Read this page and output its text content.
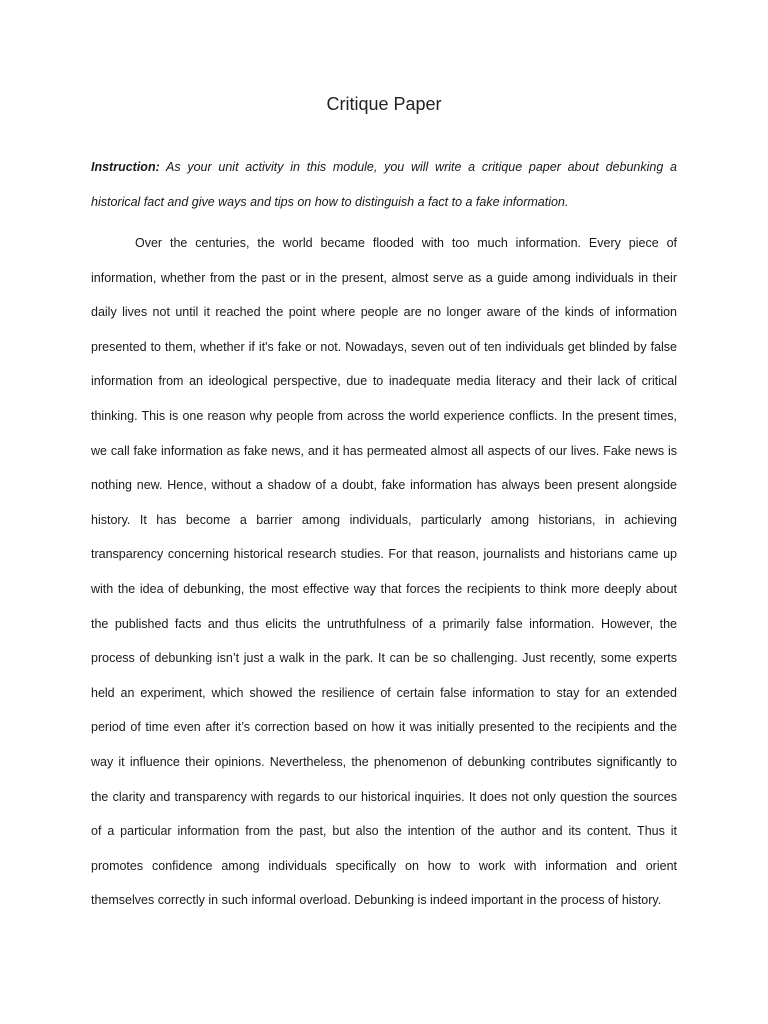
Critique Paper

Instruction: As your unit activity in this module, you will write a critique paper about debunking a historical fact and give ways and tips on how to distinguish a fact to a fake information.

Over the centuries, the world became flooded with too much information. Every piece of information, whether from the past or in the present, almost serve as a guide among individuals in their daily lives not until it reached the point where people are no longer aware of the kinds of information presented to them, whether if it's fake or not. Nowadays, seven out of ten individuals get blinded by false information from an ideological perspective, due to inadequate media literacy and their lack of critical thinking. This is one reason why people from across the world experience conflicts. In the present times, we call fake information as fake news, and it has permeated almost all aspects of our lives. Fake news is nothing new. Hence, without a shadow of a doubt, fake information has always been present alongside history. It has become a barrier among individuals, particularly among historians, in achieving transparency concerning historical research studies. For that reason, journalists and historians came up with the idea of debunking, the most effective way that forces the recipients to think more deeply about the published facts and thus elicits the untruthfulness of a primarily false information. However, the process of debunking isn’t just a walk in the park. It can be so challenging. Just recently, some experts held an experiment, which showed the resilience of certain false information to stay for an extended period of time even after it’s correction based on how it was initially presented to the recipients and the way it influence their opinions. Nevertheless, the phenomenon of debunking contributes significantly to the clarity and transparency with regards to our historical inquiries. It does not only question the sources of a particular information from the past, but also the intention of the author and its content. Thus it promotes confidence among individuals specifically on how to work with information and orient themselves correctly in such informal overload. Debunking is indeed important in the process of history.
